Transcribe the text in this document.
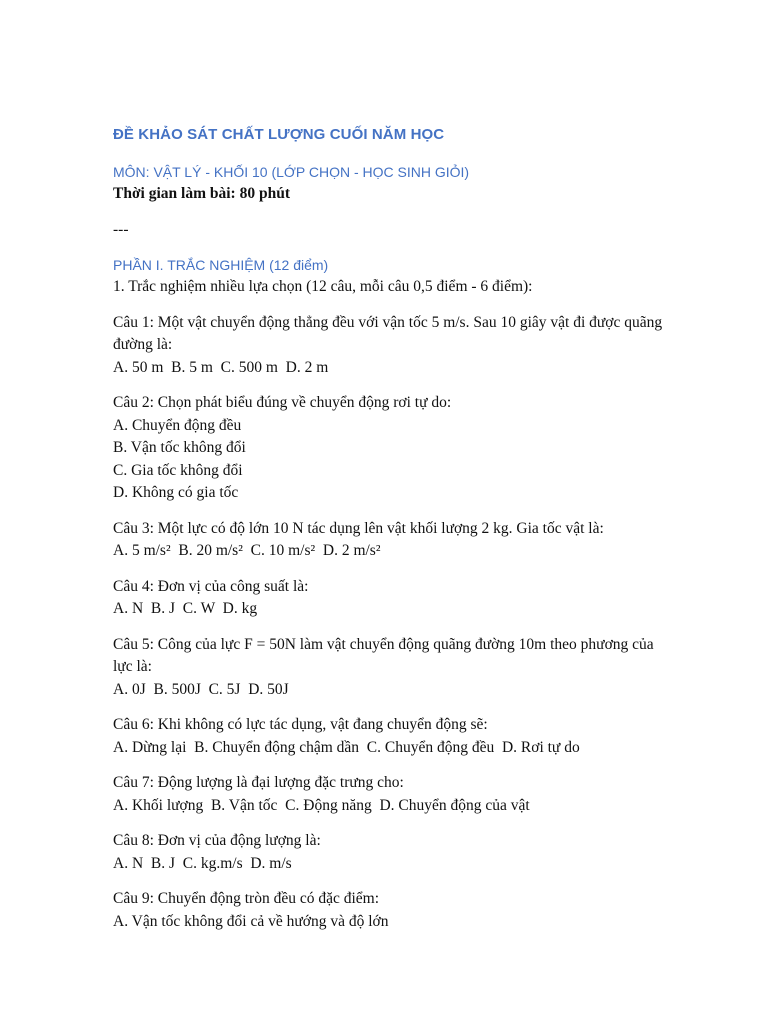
ĐỀ KHẢO SÁT CHẤT LƯỢNG CUỐI NĂM HỌC
MÔN: VẬT LÝ - KHỐI 10 (LỚP CHỌN - HỌC SINH GIỎI)
Thời gian làm bài: 80 phút
---
PHẦN I. TRẮC NGHIỆM (12 điểm)
1. Trắc nghiệm nhiều lựa chọn (12 câu, mỗi câu 0,5 điểm - 6 điểm):
Câu 1: Một vật chuyển động thẳng đều với vận tốc 5 m/s. Sau 10 giây vật đi được quãng đường là:
A. 50 m  B. 5 m  C. 500 m  D. 2 m
Câu 2: Chọn phát biểu đúng về chuyển động rơi tự do:
A. Chuyển động đều
B. Vận tốc không đổi
C. Gia tốc không đổi
D. Không có gia tốc
Câu 3: Một lực có độ lớn 10 N tác dụng lên vật khối lượng 2 kg. Gia tốc vật là:
A. 5 m/s²  B. 20 m/s²  C. 10 m/s²  D. 2 m/s²
Câu 4: Đơn vị của công suất là:
A. N  B. J  C. W  D. kg
Câu 5: Công của lực F = 50N làm vật chuyển động quãng đường 10m theo phương của lực là:
A. 0J  B. 500J  C. 5J  D. 50J
Câu 6: Khi không có lực tác dụng, vật đang chuyển động sẽ:
A. Dừng lại  B. Chuyển động chậm dần  C. Chuyển động đều  D. Rơi tự do
Câu 7: Động lượng là đại lượng đặc trưng cho:
A. Khối lượng  B. Vận tốc  C. Động năng  D. Chuyển động của vật
Câu 8: Đơn vị của động lượng là:
A. N  B. J  C. kg.m/s  D. m/s
Câu 9: Chuyển động tròn đều có đặc điểm:
A. Vận tốc không đổi cả về hướng và độ lớn
